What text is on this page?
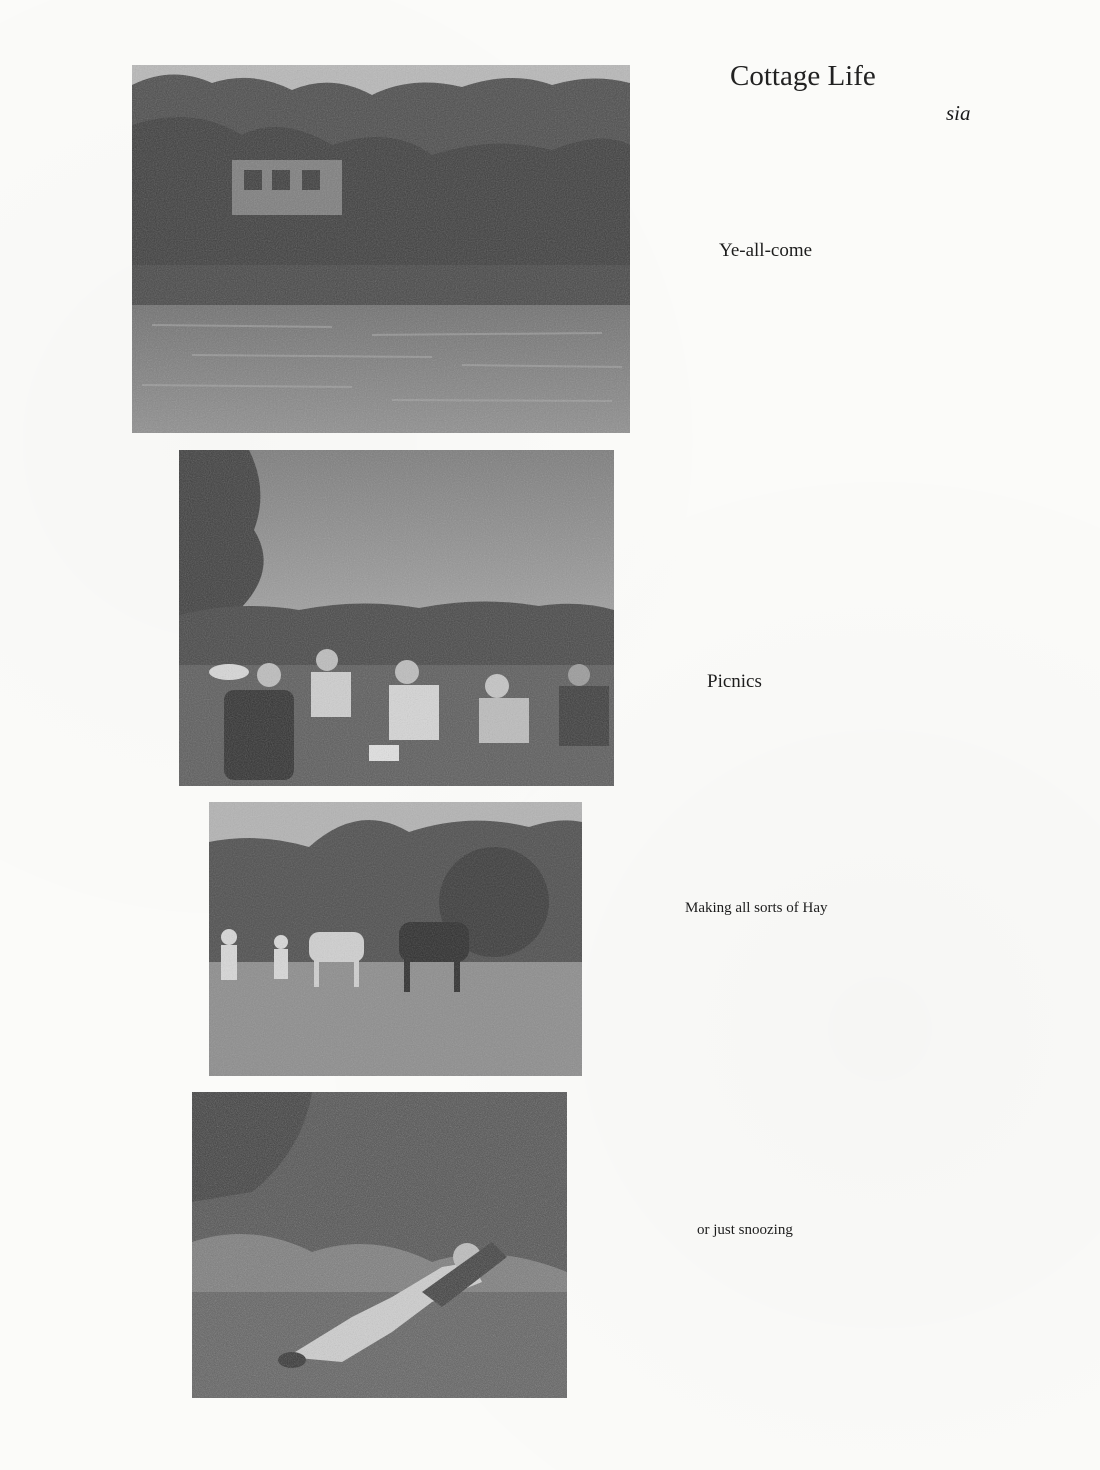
Cottage Life
sia
Ye-all-come
Picnics
Making all sorts of Hay
or just snoozing
